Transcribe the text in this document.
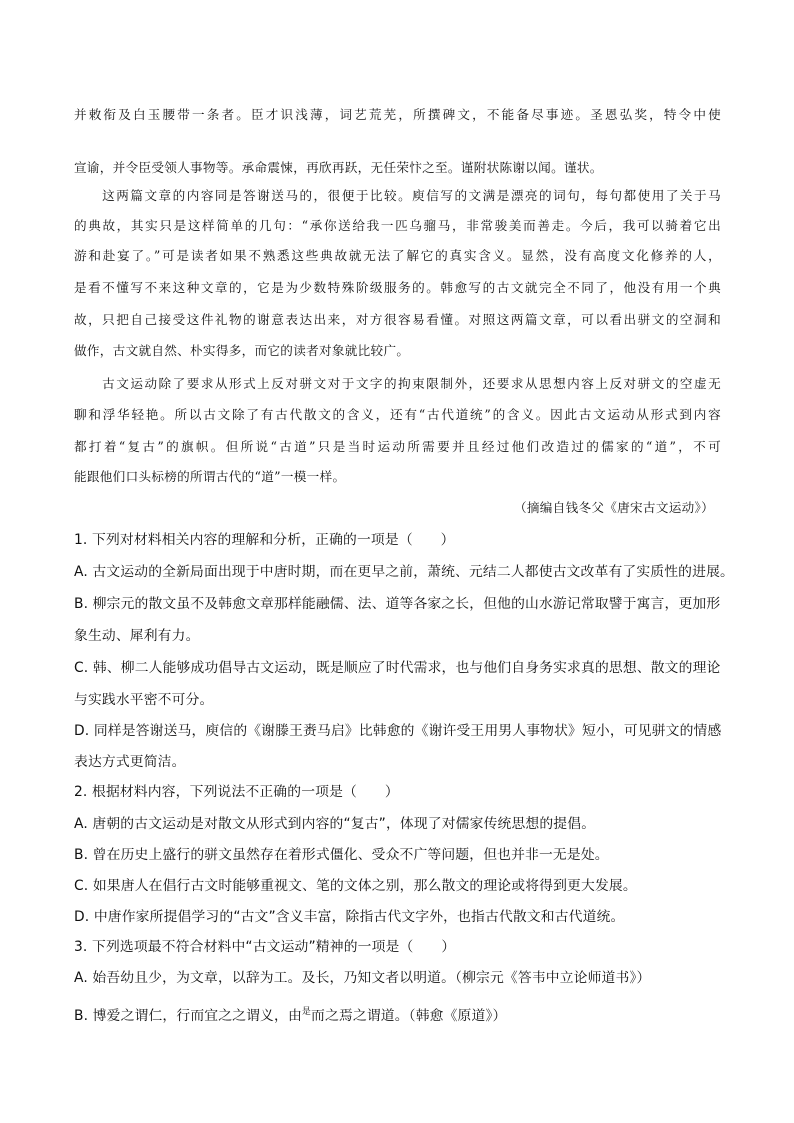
并敕衔及白玉腰带一条者。臣才识浅薄，词艺荒芜，所撰碑文，不能备尽事迹。圣恩弘奖，特令中使
宣谕，并令臣受领人事物等。承命震悚，再欣再跃，无任荣忭之至。谨附状陈谢以闻。谨状。
　　这两篇文章的内容同是答谢送马的，很便于比较。庾信写的文满是漂亮的词句，每句都使用了关于马
的典故，其实只是这样简单的几句：“承你送给我一匹乌骝马，非常骏美而善走。今后，我可以骑着它出
游和赴宴了。”可是读者如果不熟悉这些典故就无法了解它的真实含义。显然，没有高度文化修养的人，
是看不懂写不来这种文章的，它是为少数特殊阶级服务的。韩愈写的古文就完全不同了，他没有用一个典
故，只把自己接受这件礼物的谢意表达出来，对方很容易看懂。对照这两篇文章，可以看出骈文的空洞和
做作，古文就自然、朴实得多，而它的读者对象就比较广。
　　古文运动除了要求从形式上反对骈文对于文字的拘束限制外，还要求从思想内容上反对骈文的空虚无
聊和浮华轻艳。所以古文除了有古代散文的含义，还有“古代道统”的含义。因此古文运动从形式到内容
都打着“复古”的旗帜。但所说“古道”只是当时运动所需要并且经过他们改造过的儒家的“道”，不可
能跟他们口头标榜的所谓古代的“道”一模一样。
（摘编自钱冬父《唐宋古文运动》）
1. 下列对材料相关内容的理解和分析，正确的一项是（　　）
A. 古文运动的全新局面出现于中唐时期，而在更早之前，萧统、元结二人都使古文改革有了实质性的进展。
B. 柳宗元的散文虽不及韩愈文章那样能融儒、法、道等各家之长，但他的山水游记常取譬于寓言，更加形
象生动、犀利有力。
C. 韩、柳二人能够成功倡导古文运动，既是顺应了时代需求，也与他们自身务实求真的思想、散文的理论
与实践水平密不可分。
D. 同样是答谢送马，庾信的《谢滕王赉马启》比韩愈的《谢许受王用男人事物状》短小，可见骈文的情感
表达方式更简洁。
2. 根据材料内容，下列说法不正确的一项是（　　）
A. 唐朝的古文运动是对散文从形式到内容的“复古”，体现了对儒家传统思想的提倡。
B. 曾在历史上盛行的骈文虽然存在着形式僵化、受众不广等问题，但也并非一无是处。
C. 如果唐人在倡行古文时能够重视文、笔的文体之别，那么散文的理论或将得到更大发展。
D. 中唐作家所提倡学习的“古文”含义丰富，除指古代文字外，也指古代散文和古代道统。
3. 下列选项最不符合材料中“古文运动”精神的一项是（　　）
A. 始吾幼且少，为文章，以辞为工。及长，乃知文者以明道。（柳宗元《答韦中立论师道书》）
B. 博爱之谓仁，行而宜之之谓义，由$^是$而之焉之谓道。（韩愈《原道》）
